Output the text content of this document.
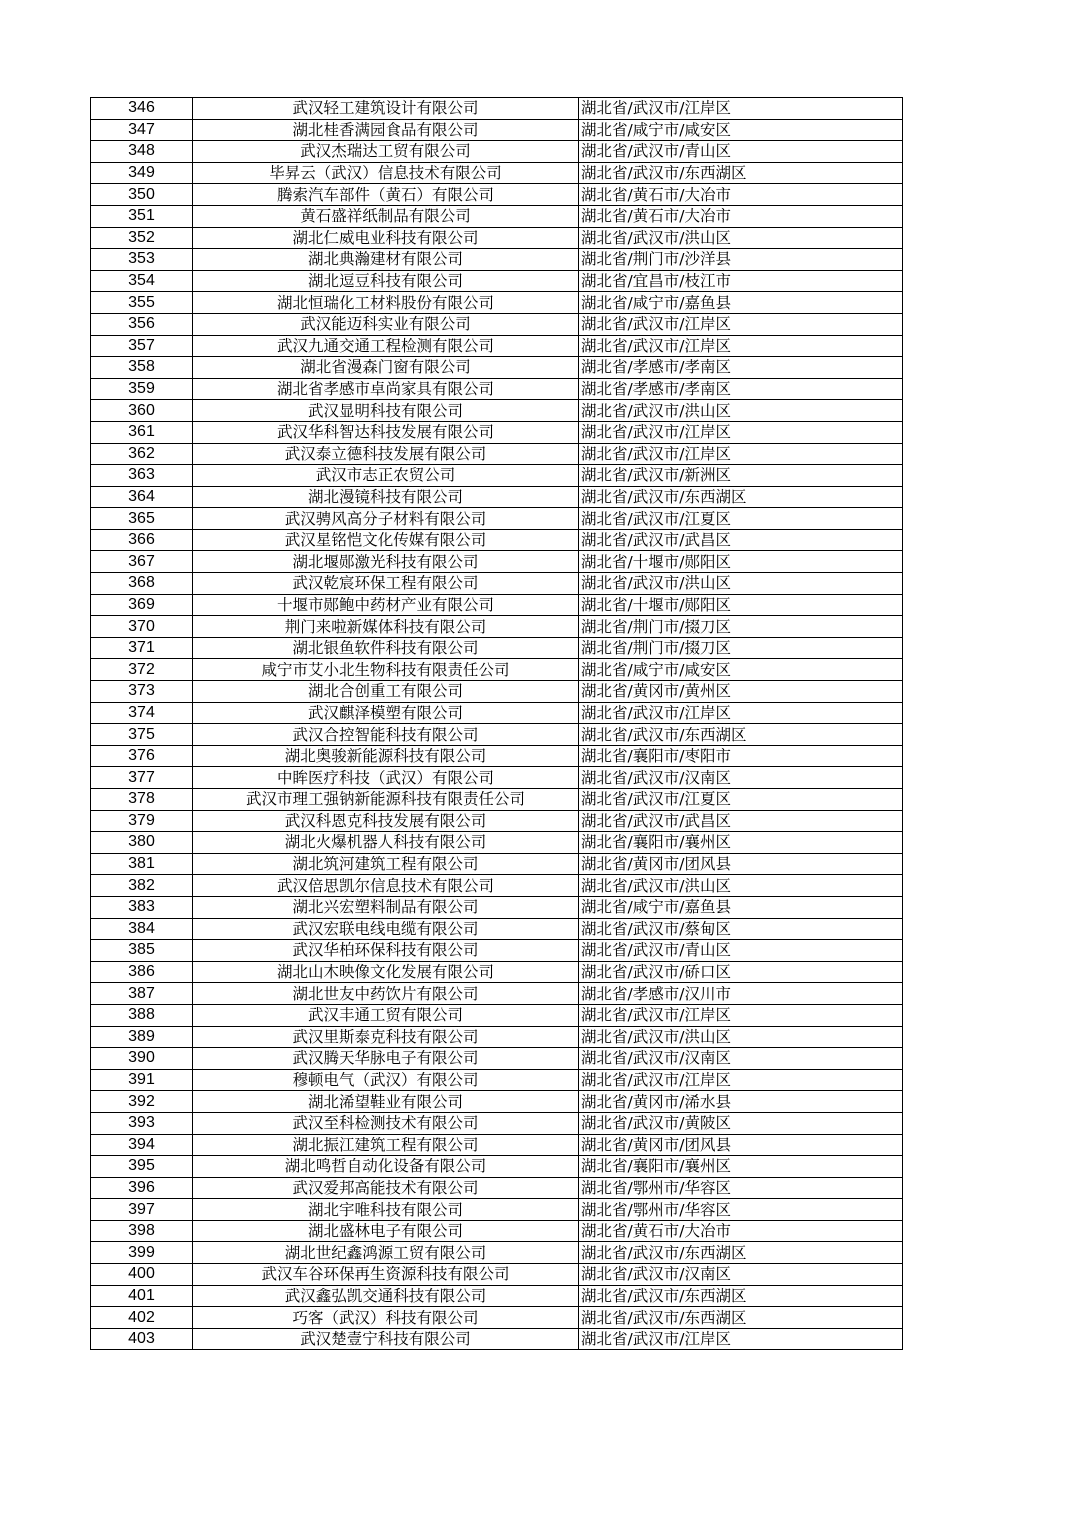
346	武汉轻工建筑设计有限公司	湖北省/武汉市/江岸区
347	湖北桂香满园食品有限公司	湖北省/咸宁市/咸安区
348	武汉杰瑞达工贸有限公司	湖北省/武汉市/青山区
349	毕昇云（武汉）信息技术有限公司	湖北省/武汉市/东西湖区
350	腾索汽车部件（黄石）有限公司	湖北省/黄石市/大冶市
351	黄石盛祥纸制品有限公司	湖北省/黄石市/大冶市
352	湖北仁威电业科技有限公司	湖北省/武汉市/洪山区
353	湖北典瀚建材有限公司	湖北省/荆门市/沙洋县
354	湖北逗豆科技有限公司	湖北省/宜昌市/枝江市
355	湖北恒瑞化工材料股份有限公司	湖北省/咸宁市/嘉鱼县
356	武汉能迈科实业有限公司	湖北省/武汉市/江岸区
357	武汉九通交通工程检测有限公司	湖北省/武汉市/江岸区
358	湖北省漫森门窗有限公司	湖北省/孝感市/孝南区
359	湖北省孝感市卓尚家具有限公司	湖北省/孝感市/孝南区
360	武汉显明科技有限公司	湖北省/武汉市/洪山区
361	武汉华科智达科技发展有限公司	湖北省/武汉市/江岸区
362	武汉泰立德科技发展有限公司	湖北省/武汉市/江岸区
363	武汉市志正农贸公司	湖北省/武汉市/新洲区
364	湖北漫镜科技有限公司	湖北省/武汉市/东西湖区
365	武汉骋风高分子材料有限公司	湖北省/武汉市/江夏区
366	武汉星铭恺文化传媒有限公司	湖北省/武汉市/武昌区
367	湖北堰郧激光科技有限公司	湖北省/十堰市/郧阳区
368	武汉乾宸环保工程有限公司	湖北省/武汉市/洪山区
369	十堰市郧鲍中药材产业有限公司	湖北省/十堰市/郧阳区
370	荆门来啦新媒体科技有限公司	湖北省/荆门市/掇刀区
371	湖北银鱼软件科技有限公司	湖北省/荆门市/掇刀区
372	咸宁市艾小北生物科技有限责任公司	湖北省/咸宁市/咸安区
373	湖北合创重工有限公司	湖北省/黄冈市/黄州区
374	武汉麒泽模塑有限公司	湖北省/武汉市/江岸区
375	武汉合控智能科技有限公司	湖北省/武汉市/东西湖区
376	湖北奥骏新能源科技有限公司	湖北省/襄阳市/枣阳市
377	中眸医疗科技（武汉）有限公司	湖北省/武汉市/汉南区
378	武汉市理工强钠新能源科技有限责任公司	湖北省/武汉市/江夏区
379	武汉科恩克科技发展有限公司	湖北省/武汉市/武昌区
380	湖北火爆机器人科技有限公司	湖北省/襄阳市/襄州区
381	湖北筑河建筑工程有限公司	湖北省/黄冈市/团风县
382	武汉倍思凯尔信息技术有限公司	湖北省/武汉市/洪山区
383	湖北兴宏塑料制品有限公司	湖北省/咸宁市/嘉鱼县
384	武汉宏联电线电缆有限公司	湖北省/武汉市/蔡甸区
385	武汉华柏环保科技有限公司	湖北省/武汉市/青山区
386	湖北山木映像文化发展有限公司	湖北省/武汉市/硚口区
387	湖北世友中药饮片有限公司	湖北省/孝感市/汉川市
388	武汉丰通工贸有限公司	湖北省/武汉市/江岸区
389	武汉里斯泰克科技有限公司	湖北省/武汉市/洪山区
390	武汉腾天华脉电子有限公司	湖北省/武汉市/汉南区
391	穆顿电气（武汉）有限公司	湖北省/武汉市/江岸区
392	湖北浠望鞋业有限公司	湖北省/黄冈市/浠水县
393	武汉至科检测技术有限公司	湖北省/武汉市/黄陂区
394	湖北振江建筑工程有限公司	湖北省/黄冈市/团风县
395	湖北鸣哲自动化设备有限公司	湖北省/襄阳市/襄州区
396	武汉爱邦高能技术有限公司	湖北省/鄂州市/华容区
397	湖北宇唯科技有限公司	湖北省/鄂州市/华容区
398	湖北盛林电子有限公司	湖北省/黄石市/大冶市
399	湖北世纪鑫鸿源工贸有限公司	湖北省/武汉市/东西湖区
400	武汉车谷环保再生资源科技有限公司	湖北省/武汉市/汉南区
401	武汉鑫弘凯交通科技有限公司	湖北省/武汉市/东西湖区
402	巧客（武汉）科技有限公司	湖北省/武汉市/东西湖区
403	武汉楚壹宁科技有限公司	湖北省/武汉市/江岸区
